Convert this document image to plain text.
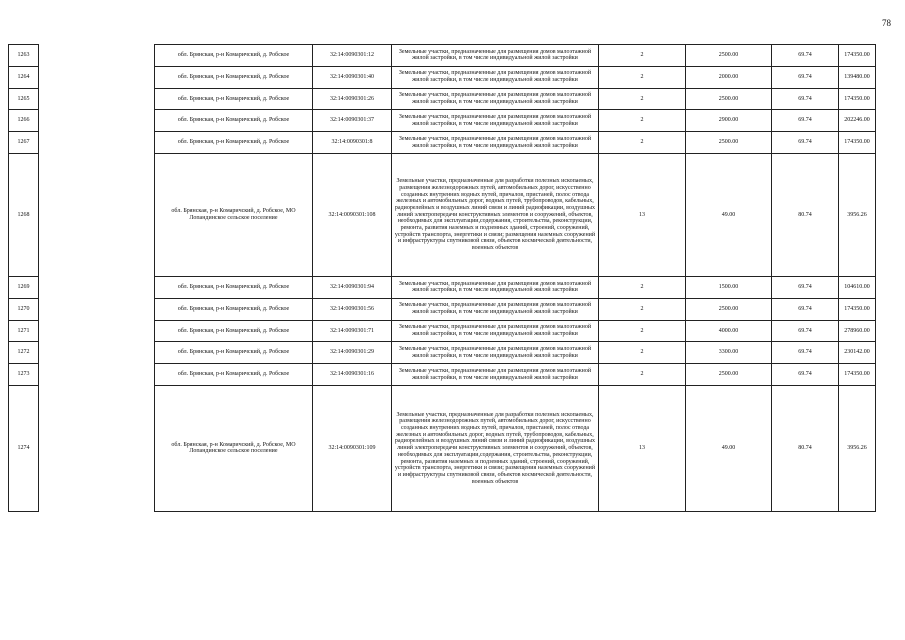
78
1263		обл. Брянская, р-н Комаричский, д. Робское	32:14:0090301:12	Земельные участки, предназначенные для размещения домов малоэтажной жилой застройки, в том числе индивидуальной жилой застройки	2	2500.00	69.74	174350.00
1264		обл. Брянская, р-н Комаричский, д. Робское	32:14:0090301:40	Земельные участки, предназначенные для размещения домов малоэтажной жилой застройки, в том числе индивидуальной жилой застройки	2	2000.00	69.74	139480.00
1265		обл. Брянская, р-н Комаричский, д. Робское	32:14:0090301:26	Земельные участки, предназначенные для размещения домов малоэтажной жилой застройки, в том числе индивидуальной жилой застройки	2	2500.00	69.74	174350.00
1266		обл. Брянская, р-н Комаричский, д. Робское	32:14:0090301:37	Земельные участки, предназначенные для размещения домов малоэтажной жилой застройки, в том числе индивидуальной жилой застройки	2	2900.00	69.74	202246.00
1267		обл. Брянская, р-н Комаричский, д. Робское	32:14:0090301:8	Земельные участки, предназначенные для размещения домов малоэтажной жилой застройки, в том числе индивидуальной жилой застройки	2	2500.00	69.74	174350.00
1268		обл. Брянская, р-н Комаричский, д. Робское, МО Лопандинское сельское поселение	32:14:0090301:108	Земельные участки, предназначенные для разработки полезных ископаемых, размещения железнодорожных путей, автомобильных дорог, искусственно созданных внутренних водных путей, причалов, пристаней, полос отвода железных и автомобильных дорог, водных путей, трубопроводов, кабельных, радиорелейных и воздушных линий связи и линий радиофикации, воздушных линий электропередачи конструктивных элементов и сооружений, объектов, необходимых для эксплуатации,содержания, строительства, реконструкции, ремонта, развития наземных и подземных зданий, строений, сооружений, устройств транспорта, энергетики и связи; размещения наземных сооружений и инфраструктуры спутниковой связи, объектов космической деятельности, военных объектов	13	49.00	80.74	3956.26
1269		обл. Брянская, р-н Комаричский, д. Робское	32:14:0090301:94	Земельные участки, предназначенные для размещения домов малоэтажной жилой застройки, в том числе индивидуальной жилой застройки	2	1500.00	69.74	104610.00
1270		обл. Брянская, р-н Комаричский, д. Робское	32:14:0090301:56	Земельные участки, предназначенные для размещения домов малоэтажной жилой застройки, в том числе индивидуальной жилой застройки	2	2500.00	69.74	174350.00
1271		обл. Брянская, р-н Комаричский, д. Робское	32:14:0090301:71	Земельные участки, предназначенные для размещения домов малоэтажной жилой застройки, в том числе индивидуальной жилой застройки	2	4000.00	69.74	278960.00
1272		обл. Брянская, р-н Комаричский, д. Робское	32:14:0090301:29	Земельные участки, предназначенные для размещения домов малоэтажной жилой застройки, в том числе индивидуальной жилой застройки	2	3300.00	69.74	230142.00
1273		обл. Брянская, р-н Комаричский, д. Робское	32:14:0090301:16	Земельные участки, предназначенные для размещения домов малоэтажной жилой застройки, в том числе индивидуальной жилой застройки	2	2500.00	69.74	174350.00
1274		обл. Брянская, р-н Комаричский, д. Робское, МО Лопандинское сельское поселение	32:14:0090301:109	Земельные участки, предназначенные для разработки полезных ископаемых, размещения железнодорожных путей, автомобильных дорог, искусственно созданных внутренних водных путей, причалов, пристаней, полос отвода железных и автомобильных дорог, водных путей, трубопроводов, кабельных, радиорелейных и воздушных линий связи и линий радиофикации, воздушных линий электропередачи конструктивных элементов и сооружений, объектов, необходимых для эксплуатации,содержания, строительства, реконструкции, ремонта, развития наземных и подземных зданий, строений, сооружений, устройств транспорта, энергетики и связи; размещения наземных сооружений и инфраструктуры спутниковой связи, объектов космической деятельности, военных объектов	13	49.00	80.74	3956.26
